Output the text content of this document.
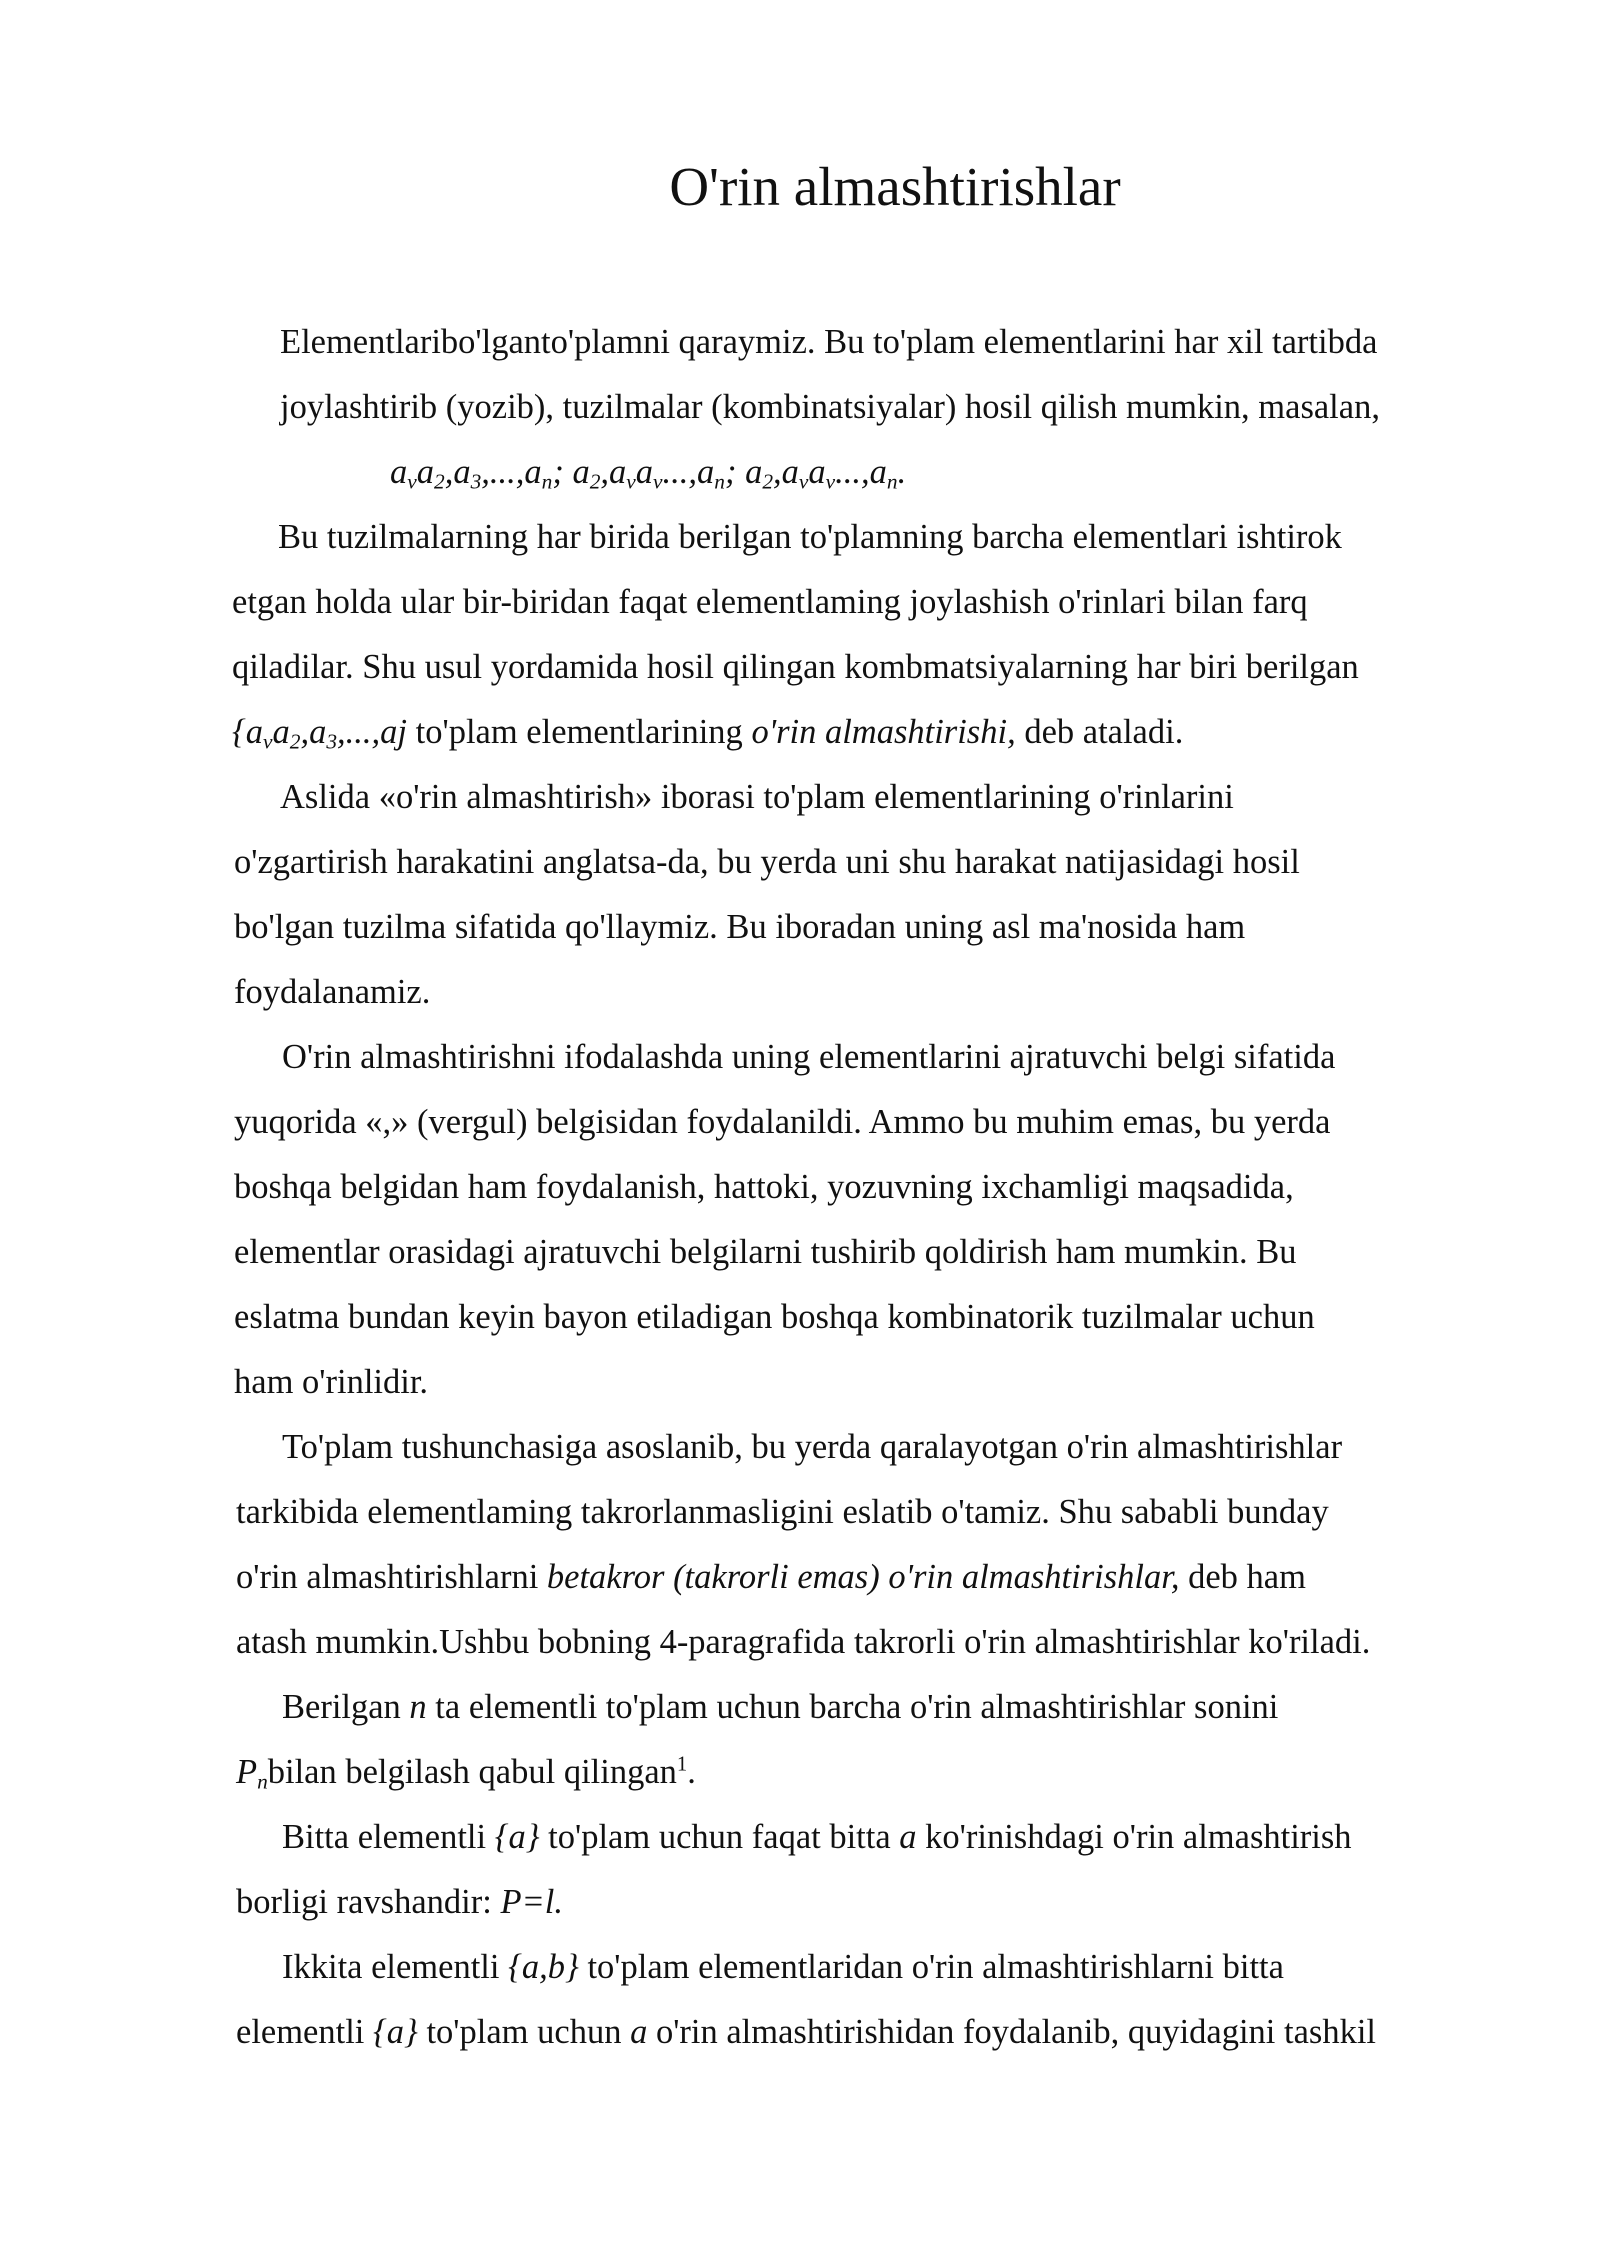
O'rin almashtirishlar
Elementlaribo'lganto'plamni qaraymiz. Bu to'plam elementlarini har xil tartibda
joylashtirib (yozib), tuzilmalar (kombinatsiyalar) hosil qilish mumkin, masalan,
$a_va_2,a_3,...,a_n$; $a_2,a_va_v...,a_n$; $a_2,a_va_v...,a_n$.
Bu tuzilmalarning har birida berilgan to'plamning barcha elementlari ishtirok
etgan holda ular bir-biridan faqat elementlaming joylashish o'rinlari bilan farq
qiladilar. Shu usul yordamida hosil qilingan kombmatsiyalarning har biri berilgan
{$a_va_2,a_3,...,aj$ to'plam elementlarining o'rin almashtirishi, deb ataladi.
Aslida «o'rin almashtirish» iborasi to'plam elementlarining o'rinlarini
o'zgartirish harakatini anglatsa-da, bu yerda uni shu harakat natijasidagi hosil
bo'lgan tuzilma sifatida qo'llaymiz. Bu iboradan uning asl ma'nosida ham
foydalanamiz.
O'rin almashtirishni ifodalashda uning elementlarini ajratuvchi belgi sifatida
yuqorida «,» (vergul) belgisidan foydalanildi. Ammo bu muhim emas, bu yerda
boshqa belgidan ham foydalanish, hattoki, yozuvning ixchamligi maqsadida,
elementlar orasidagi ajratuvchi belgilarni tushirib qoldirish ham mumkin. Bu
eslatma bundan keyin bayon etiladigan boshqa kombinatorik tuzilmalar uchun
ham o'rinlidir.
To'plam tushunchasiga asoslanib, bu yerda qaralayotgan o'rin almashtirishlar
tarkibida elementlaming takrorlanmasligini eslatib o'tamiz. Shu sababli bunday
o'rin almashtirishlarni betakror (takrorli emas) o'rin almashtirishlar, deb ham
atash mumkin.Ushbu bobning 4-paragrafida takrorli o'rin almashtirishlar ko'riladi.
Berilgan n ta elementli to'plam uchun barcha o'rin almashtirishlar sonini
$P_nbilan$ belgilash qabul qilingan$^1$.
Bitta elementli {a} to'plam uchun faqat bitta a ko'rinishdagi o'rin almashtirish
borligi ravshandir: P=l.
Ikkita elementli {a,b} to'plam elementlaridan o'rin almashtirishlarni bitta
elementli {a} to'plam uchun a o'rin almashtirishidan foydalanib, quyidagini tashkil
